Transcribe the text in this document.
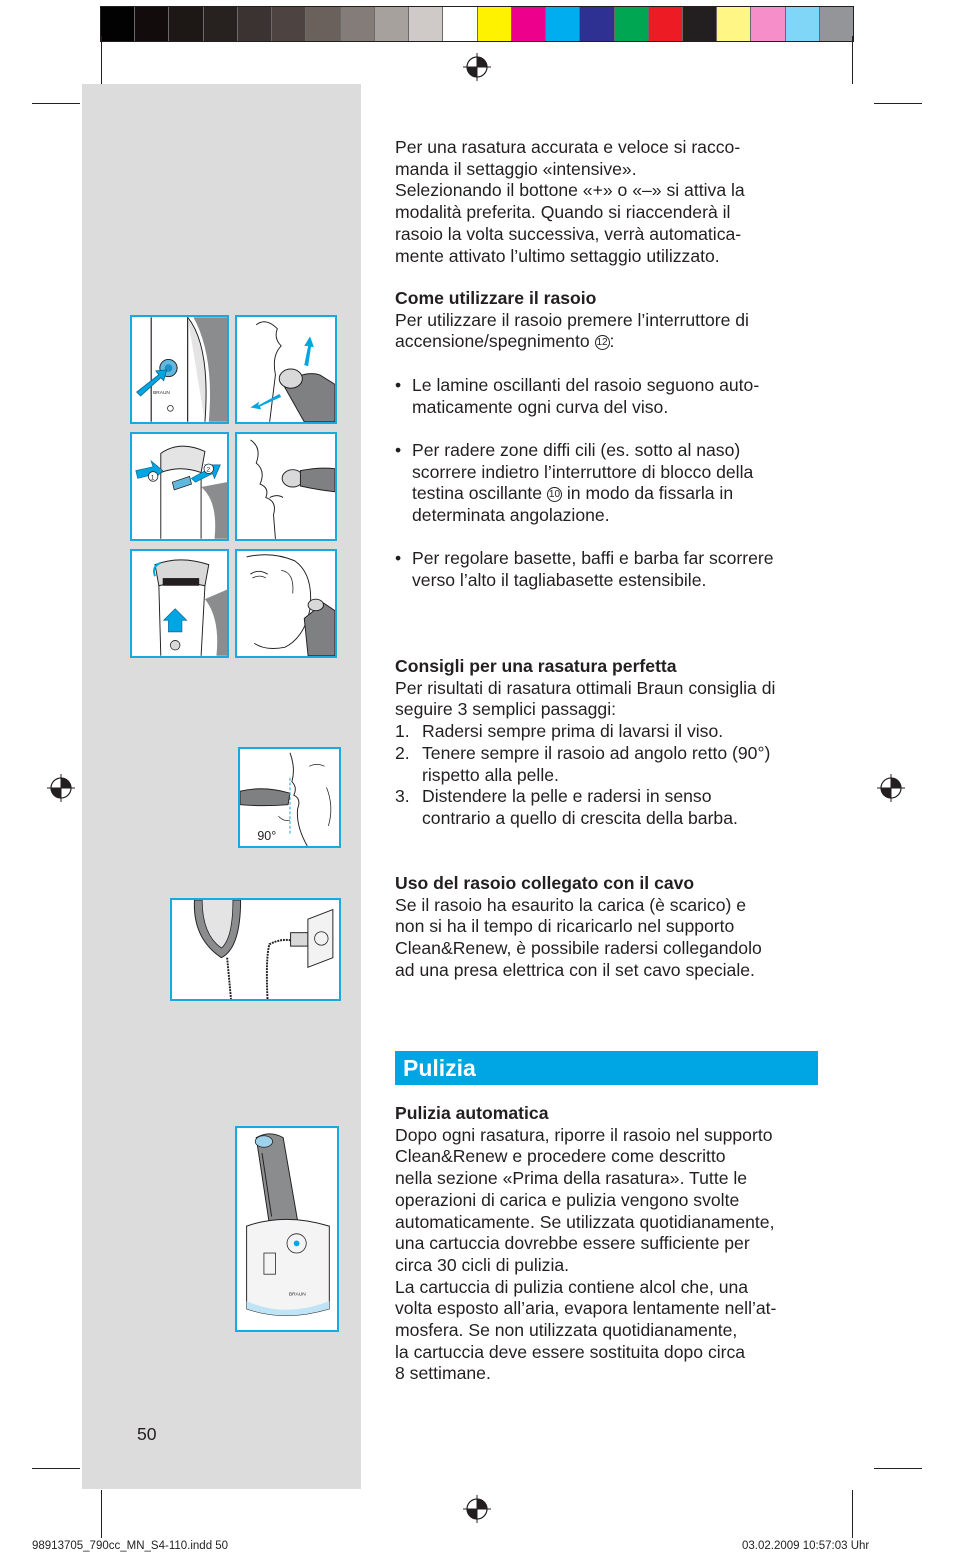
BRAUN
1
2
90°
BRAUN

Per una rasatura accurata e veloce si racco-

manda il settaggio «intensive».

Selezionando il bottone «+» o «–» si attiva la

modalità preferita. Quando si riaccenderà il

rasoio la volta successiva, verrà automatica-

mente attivato l’ultimo settaggio utilizzato.

Come utilizzare il rasoio

Per utilizzare il rasoio premere l’interruttore di

accensione/spegnimento 12 :

• Le lamine oscillanti del rasoio seguono auto-

maticamente ogni curva del viso.

• Per radere zone diffi cili (es. sotto al naso)

scorrere indietro l’interruttore di blocco della

testina oscillante 10 in modo da fissarla in

determinata angolazione.

• Per regolare basette, baffi e barba far scorrere

verso l’alto il tagliabasette estensibile.

Consigli per una rasatura perfetta

Per risultati di rasatura ottimali Braun consiglia di

seguire 3 semplici passaggi:

1. Radersi sempre prima di lavarsi il viso.

2. Tenere sempre il rasoio ad angolo retto (90°)

rispetto alla pelle.

3. Distendere la pelle e radersi in senso

contrario a quello di crescita della barba.

Uso del rasoio collegato con il cavo

Se il rasoio ha esaurito la carica (è scarico) e

non si ha il tempo di ricaricarlo nel supporto

Clean&Renew, è possibile radersi collegandolo

ad una presa elettrica con il set cavo speciale.

Pulizia

Pulizia automatica

Dopo ogni rasatura, riporre il rasoio nel supporto

Clean&Renew e procedere come descritto

nella sezione «Prima della rasatura». Tutte le

operazioni di carica e pulizia vengono svolte

automaticamente. Se utilizzata quotidianamente,

una cartuccia dovrebbe essere sufficiente per

circa 30 cicli di pulizia.

La cartuccia di pulizia contiene alcol che, una

volta esposto all’aria, evapora lentamente nell’at-

mosfera. Se non utilizzata quotidianamente,

la cartuccia deve essere sostituita dopo circa

8 settimane.

50
98913705_790cc_MN_S4-110.indd 50	03.02.2009 10:57:03 Uhr
